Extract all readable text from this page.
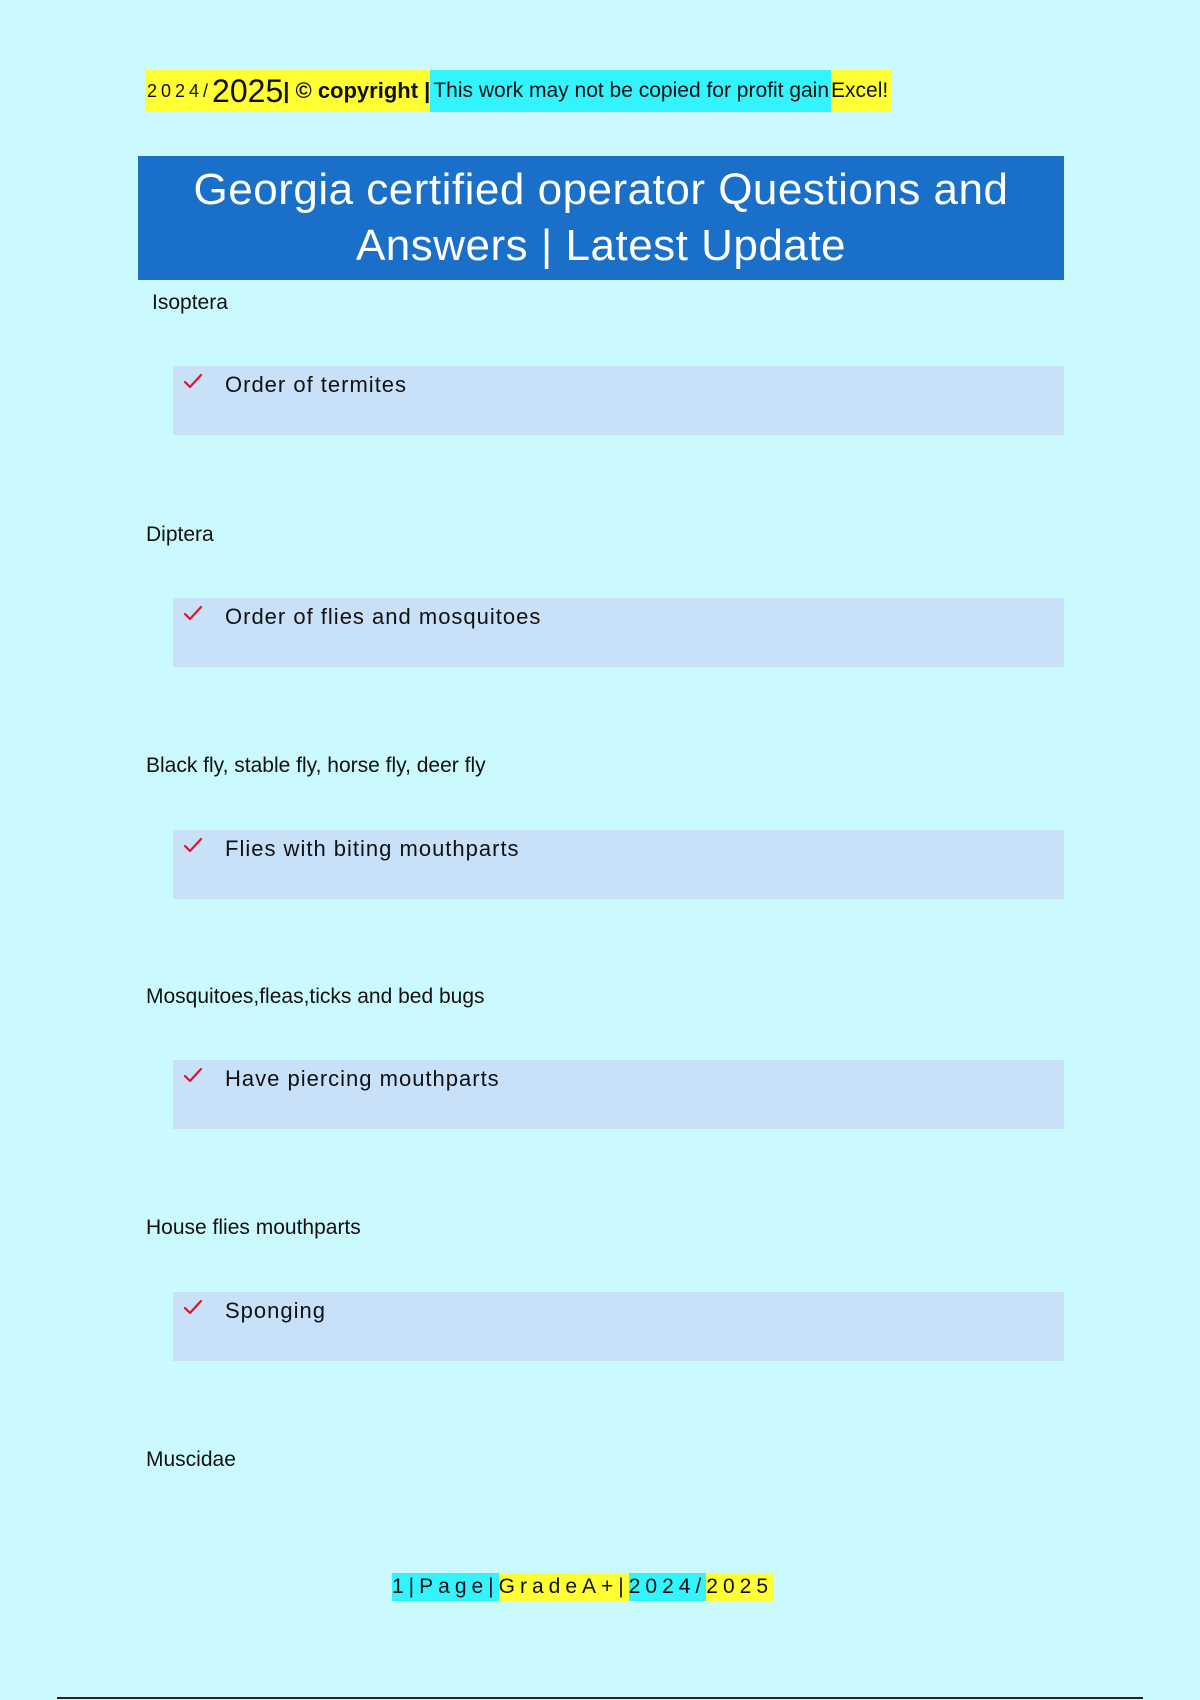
2024/ 2025 | © copyright | This work may not be copied for profit gain Excel!
Georgia certified operator Questions and
Answers | Latest Update
Isoptera
Order of termites
Diptera
Order of flies and mosquitoes
Black fly, stable fly, horse fly, deer fly
Flies with biting mouthparts
Mosquitoes,fleas,ticks and bed bugs
Have piercing mouthparts
House flies mouthparts
Sponging
Muscidae
1|Page| GradeA+| 2024/ 2025
